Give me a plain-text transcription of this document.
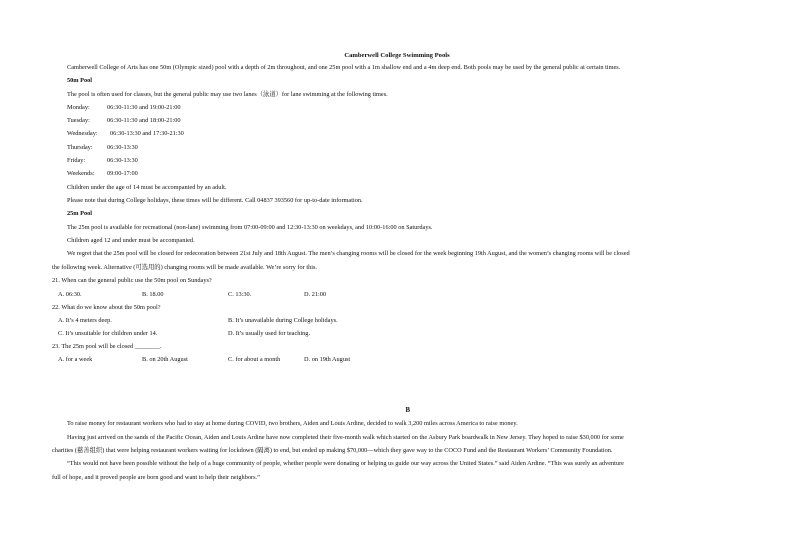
Camberwell College Swimming Pools
Camberwell College of Arts has one 50m (Olympic sized) pool with a depth of 2m throughout, and one 25m pool with a 1m shallow end and a 4m deep end. Both pools may be used by the general public at certain times.
50m Pool
The pool is often used for classes, but the general public may use two lanes（泳道）for lane swimming at the following times.
Monday:	06:30-11:30 and 19:00-21:00
Tuesday:	06:30-11:30 and 18:00-21:00
Wednesday: 06:30-13:30 and 17:30-21:30
Thursday: 06:30-13:30
Friday:	06:30-13:30
Weekends: 09:00-17:00
Children under the age of 14 must be accompanied by an adult.
Please note that during College holidays, these times will be different. Call 04837 393560 for up-to-date information.
25m Pool
The 25m pool is available for recreational (non-lane) swimming from 07:00-09:00 and 12:30-13:30 on weekdays, and 10:00-16:00 on Saturdays.
Children aged 12 and under must be accompanied.
We regret that the 25m pool will be closed for redecoration between 21st July and 18th August. The men’s changing rooms will be closed for the week beginning 19th August, and the women’s changing rooms will be closed
the following week. Alternative (可选用的) changing rooms will be made available. We’re sorry for this.
21. When can the general public use the 50m pool on Sundays?
A. 06:30.	B. 18.00	C. 13:30.	D. 21:00
22. What do we know about the 50m pool?
A. It’s 4 meters deep.	B. It’s unavailable during College holidays.
C. It’s unsuitable for children under 14.	D. It’s usually used for teaching.
23. The 25m pool will be closed ________.
A. for a week	B. on 20th August	C. for about a month	D. on 19th August
B
To raise money for restaurant workers who had to stay at home during COVID, two brothers, Aiden and Louis Ardine, decided to walk 3,200 miles across America to raise money.
Having just arrived on the sands of the Pacific Ocean, Aiden and Louis Ardine have now completed their five-month walk which started on the Asbury Park boardwalk in New Jersey. They hoped to raise $30,000 for some
charities (慈善组织) that were helping restaurant workers waiting for lockdown (隔离) to end, but ended up making $70,000—which they gave way to the COCO Fund and the Restaurant Workers’ Community Foundation.
“This would not have been possible without the help of a huge community of people, whether people were donating or helping us guide our way across the United States.” said Aiden Ardine. “This was surely an adventure
full of hope, and it proved people are born good and want to help their neighbors.”
